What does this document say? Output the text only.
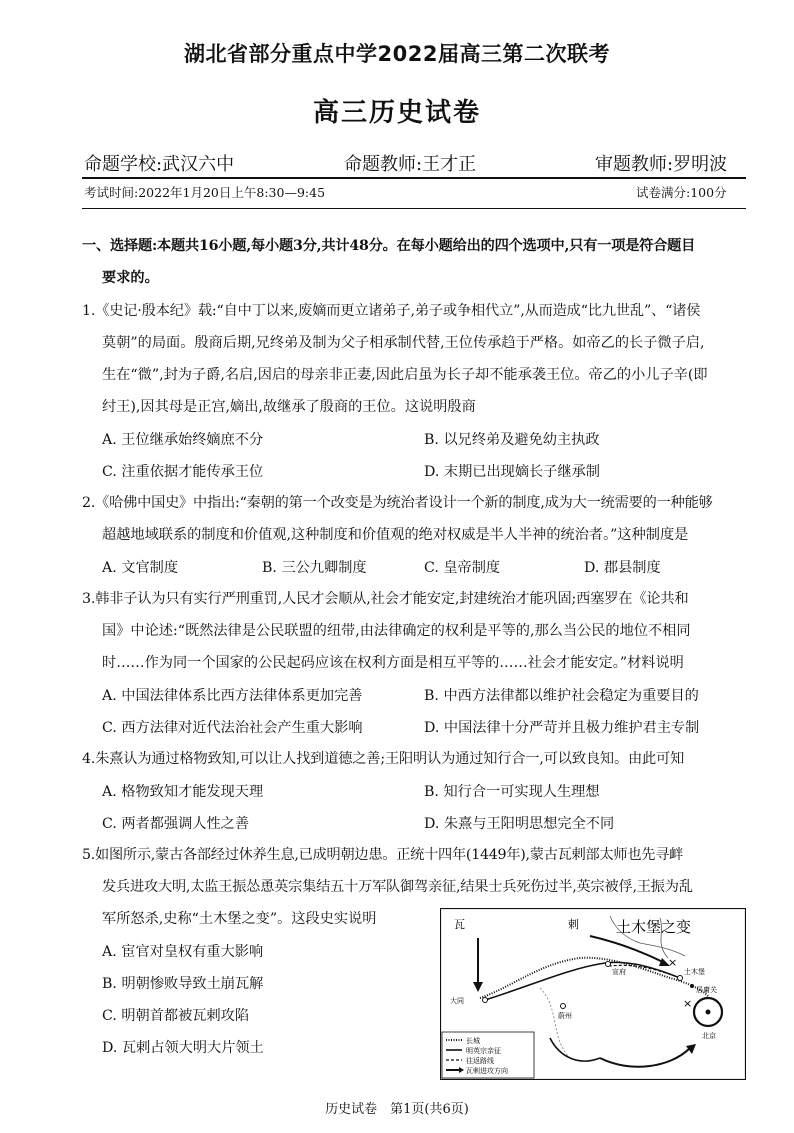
湖北省部分重点中学2022届高三第二次联考
高三历史试卷
命题学校:武汉六中	命题教师:王才正	审题教师:罗明波
考试时间:2022年1月20日上午8:30—9:45	试卷满分:100分
一、选择题:本题共16小题,每小题3分,共计48分。在每小题给出的四个选项中,只有一项是符合题目
要求的。
1.《史记·殷本纪》载:“自中丁以来,废嫡而更立诸弟子,弟子或争相代立”,从而造成“比九世乱”、“诸侯
莫朝”的局面。殷商后期,兄终弟及制为父子相承制代替,王位传承趋于严格。如帝乙的长子微子启,
生在“微”,封为子爵,名启,因启的母亲非正妻,因此启虽为长子却不能承袭王位。帝乙的小儿子辛(即
纣王),因其母是正宫,嫡出,故继承了殷商的王位。这说明殷商
A. 王位继承始终嫡庶不分	B. 以兄终弟及避免幼主执政
C. 注重依据才能传承王位	D. 末期已出现嫡长子继承制
2.《哈佛中国史》中指出:“秦朝的第一个改变是为统治者设计一个新的制度,成为大一统需要的一种能够
超越地域联系的制度和价值观,这种制度和价值观的绝对权威是半人半神的统治者。”这种制度是
A. 文官制度	B. 三公九卿制度	C. 皇帝制度	D. 郡县制度
3.韩非子认为只有实行严刑重罚,人民才会顺从,社会才能安定,封建统治才能巩固;西塞罗在《论共和
国》中论述:“既然法律是公民联盟的纽带,由法律确定的权利是平等的,那么当公民的地位不相同
时……作为同一个国家的公民起码应该在权利方面是相互平等的……社会才能安定。”材料说明
A. 中国法律体系比西方法律体系更加完善	B. 中西方法律都以维护社会稳定为重要目的
C. 西方法律对近代法治社会产生重大影响	D. 中国法律十分严苛并且极力维护君主专制
4.朱熹认为通过格物致知,可以让人找到道德之善;王阳明认为通过知行合一,可以致良知。由此可知
A. 格物致知才能发现天理	B. 知行合一可实现人生理想
C. 两者都强调人性之善	D. 朱熹与王阳明思想完全不同
5.如图所示,蒙古各部经过休养生息,已成明朝边患。正统十四年(1449年),蒙古瓦剌部太师也先寻衅
发兵进攻大明,太监王振怂恿英宗集结五十万军队御驾亲征,结果士兵死伤过半,英宗被俘,王振为乱
军所怒杀,史称“土木堡之变”。这段史实说明
A. 宦官对皇权有重大影响
B. 明朝惨败导致土崩瓦解
C. 明朝首都被瓦剌攻陷
D. 瓦剌占领大明大片领土
土木堡之变
瓦	剌
北京
×
×
大同
宣府	土木堡
居庸关
蔚州
长城
明英宗亲征
往返路线
瓦剌进攻方向
历史试卷　第1页(共6页)
